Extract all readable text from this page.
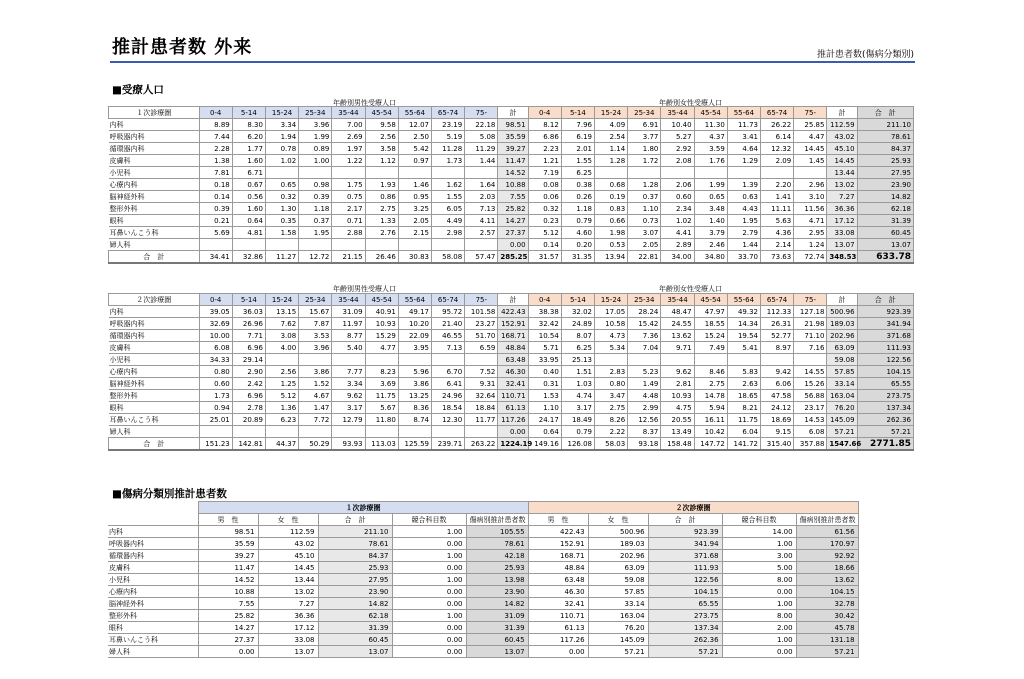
推計患者数 外来	推計患者数(傷病分類別)
■受療人口
年齢別男性受療人口	年齢別女性受療人口
１次診療圏	0-4	5-14	15-24	25-34	35-44	45-54	55-64	65-74	75-	計	0-4	5-14	15-24	25-34	35-44	45-54	55-64	65-74	75-	計	合　計
内科	8.89	8.30	3.34	3.96	7.00	9.58	12.07	23.19	22.18	98.51	8.12	7.96	4.09	6.91	10.40	11.30	11.73	26.22	25.85	112.59	211.10
呼吸器内科	7.44	6.20	1.94	1.99	2.69	2.56	2.50	5.19	5.08	35.59	6.86	6.19	2.54	3.77	5.27	4.37	3.41	6.14	4.47	43.02	78.61
循環器内科	2.28	1.77	0.78	0.89	1.97	3.58	5.42	11.28	11.29	39.27	2.23	2.01	1.14	1.80	2.92	3.59	4.64	12.32	14.45	45.10	84.37
皮膚科	1.38	1.60	1.02	1.00	1.22	1.12	0.97	1.73	1.44	11.47	1.21	1.55	1.28	1.72	2.08	1.76	1.29	2.09	1.45	14.45	25.93
小児科	7.81	6.71								14.52	7.19	6.25								13.44	27.95
心療内科	0.18	0.67	0.65	0.98	1.75	1.93	1.46	1.62	1.64	10.88	0.08	0.38	0.68	1.28	2.06	1.99	1.39	2.20	2.96	13.02	23.90
脳神経外科	0.14	0.56	0.32	0.39	0.75	0.86	0.95	1.55	2.03	7.55	0.06	0.26	0.19	0.37	0.60	0.65	0.63	1.41	3.10	7.27	14.82
整形外科	0.39	1.60	1.30	1.18	2.17	2.75	3.25	6.05	7.13	25.82	0.32	1.18	0.83	1.10	2.34	3.48	4.43	11.11	11.56	36.36	62.18
眼科	0.21	0.64	0.35	0.37	0.71	1.33	2.05	4.49	4.11	14.27	0.23	0.79	0.66	0.73	1.02	1.40	1.95	5.63	4.71	17.12	31.39
耳鼻いんこう科	5.69	4.81	1.58	1.95	2.88	2.76	2.15	2.98	2.57	27.37	5.12	4.60	1.98	3.07	4.41	3.79	2.79	4.36	2.95	33.08	60.45
婦人科										0.00	0.14	0.20	0.53	2.05	2.89	2.46	1.44	2.14	1.24	13.07	13.07
合　計	34.41	32.86	11.27	12.72	21.15	26.46	30.83	58.08	57.47	285.25	31.57	31.35	13.94	22.81	34.00	34.80	33.70	73.63	72.74	348.53	633.78
年齢別男性受療人口	年齢別女性受療人口
２次診療圏	0-4	5-14	15-24	25-34	35-44	45-54	55-64	65-74	75-	計	0-4	5-14	15-24	25-34	35-44	45-54	55-64	65-74	75-	計	合　計
内科	39.05	36.03	13.15	15.67	31.09	40.91	49.17	95.72	101.58	422.43	38.38	32.02	17.05	28.24	48.47	47.97	49.32	112.33	127.18	500.96	923.39
呼吸器内科	32.69	26.96	7.62	7.87	11.97	10.93	10.20	21.40	23.27	152.91	32.42	24.89	10.58	15.42	24.55	18.55	14.34	26.31	21.98	189.03	341.94
循環器内科	10.00	7.71	3.08	3.53	8.77	15.29	22.09	46.55	51.70	168.71	10.54	8.07	4.73	7.36	13.62	15.24	19.54	52.77	71.10	202.96	371.68
皮膚科	6.08	6.96	4.00	3.96	5.40	4.77	3.95	7.13	6.59	48.84	5.71	6.25	5.34	7.04	9.71	7.49	5.41	8.97	7.16	63.09	111.93
小児科	34.33	29.14								63.48	33.95	25.13								59.08	122.56
心療内科	0.80	2.90	2.56	3.86	7.77	8.23	5.96	6.70	7.52	46.30	0.40	1.51	2.83	5.23	9.62	8.46	5.83	9.42	14.55	57.85	104.15
脳神経外科	0.60	2.42	1.25	1.52	3.34	3.69	3.86	6.41	9.31	32.41	0.31	1.03	0.80	1.49	2.81	2.75	2.63	6.06	15.26	33.14	65.55
整形外科	1.73	6.96	5.12	4.67	9.62	11.75	13.25	24.96	32.64	110.71	1.53	4.74	3.47	4.48	10.93	14.78	18.65	47.58	56.88	163.04	273.75
眼科	0.94	2.78	1.36	1.47	3.17	5.67	8.36	18.54	18.84	61.13	1.10	3.17	2.75	2.99	4.75	5.94	8.21	24.12	23.17	76.20	137.34
耳鼻いんこう科	25.01	20.89	6.23	7.72	12.79	11.80	8.74	12.30	11.77	117.26	24.17	18.49	8.26	12.56	20.55	16.11	11.75	18.69	14.53	145.09	262.36
婦人科										0.00	0.64	0.79	2.22	8.37	13.49	10.42	6.04	9.15	6.08	57.21	57.21
合　計	151.23	142.81	44.37	50.29	93.93	113.03	125.59	239.71	263.22	1224.19	149.16	126.08	58.03	93.18	158.48	147.72	141.72	315.40	357.88	1547.66	2771.85
■傷病分類別推計患者数
	１次診療圏					２次診療圏				
	男　性	女　性	合　計	競合科目数	傷病別推計患者数	男　性	女　性	合　計	競合科目数	傷病別推計患者数
内科	98.51	112.59	211.10	1.00	105.55	422.43	500.96	923.39	14.00	61.56
呼吸器内科	35.59	43.02	78.61	0.00	78.61	152.91	189.03	341.94	1.00	170.97
循環器内科	39.27	45.10	84.37	1.00	42.18	168.71	202.96	371.68	3.00	92.92
皮膚科	11.47	14.45	25.93	0.00	25.93	48.84	63.09	111.93	5.00	18.66
小児科	14.52	13.44	27.95	1.00	13.98	63.48	59.08	122.56	8.00	13.62
心療内科	10.88	13.02	23.90	0.00	23.90	46.30	57.85	104.15	0.00	104.15
脳神経外科	7.55	7.27	14.82	0.00	14.82	32.41	33.14	65.55	1.00	32.78
整形外科	25.82	36.36	62.18	1.00	31.09	110.71	163.04	273.75	8.00	30.42
眼科	14.27	17.12	31.39	0.00	31.39	61.13	76.20	137.34	2.00	45.78
耳鼻いんこう科	27.37	33.08	60.45	0.00	60.45	117.26	145.09	262.36	1.00	131.18
婦人科	0.00	13.07	13.07	0.00	13.07	0.00	57.21	57.21	0.00	57.21
